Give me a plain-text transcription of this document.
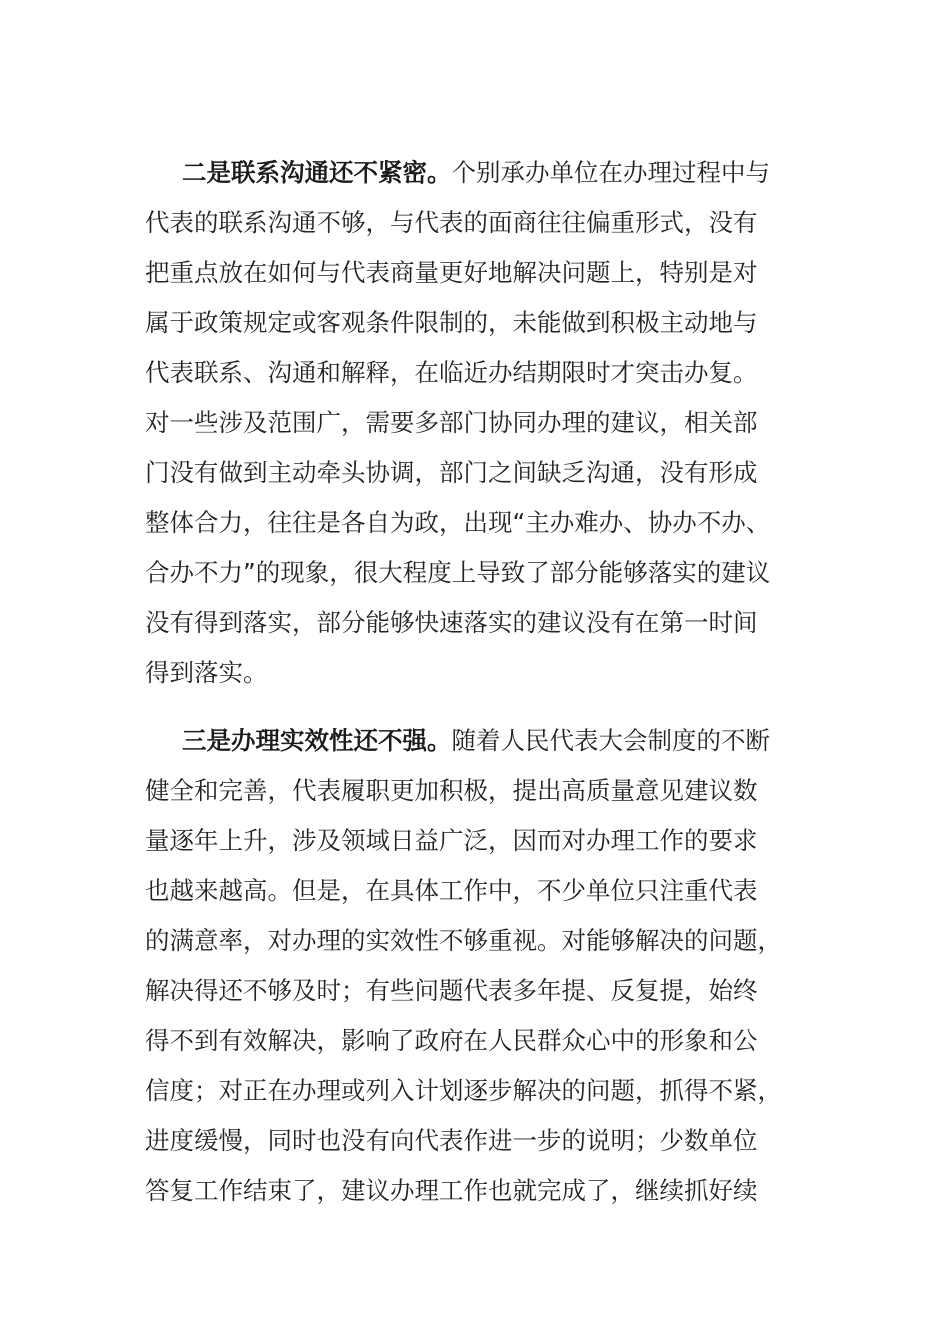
二是联系沟通还不紧密。个别承办单位在办理过程中与
代表的联系沟通不够，与代表的面商往往偏重形式，没有
把重点放在如何与代表商量更好地解决问题上，特别是对
属于政策规定或客观条件限制的，未能做到积极主动地与
代表联系、沟通和解释，在临近办结期限时才突击办复。
对一些涉及范围广，需要多部门协同办理的建议，相关部
门没有做到主动牵头协调，部门之间缺乏沟通，没有形成
整体合力，往往是各自为政，出现“主办难办、协办不办、
合办不力”的现象，很大程度上导致了部分能够落实的建议
没有得到落实，部分能够快速落实的建议没有在第一时间
得到落实。

三是办理实效性还不强。随着人民代表大会制度的不断
健全和完善，代表履职更加积极，提出高质量意见建议数
量逐年上升，涉及领域日益广泛，因而对办理工作的要求
也越来越高。但是，在具体工作中，不少单位只注重代表
的满意率，对办理的实效性不够重视。对能够解决的问题，
解决得还不够及时；有些问题代表多年提、反复提，始终
得不到有效解决，影响了政府在人民群众心中的形象和公
信度；对正在办理或列入计划逐步解决的问题，抓得不紧，
进度缓慢，同时也没有向代表作进一步的说明；少数单位
答复工作结束了，建议办理工作也就完成了，继续抓好续
